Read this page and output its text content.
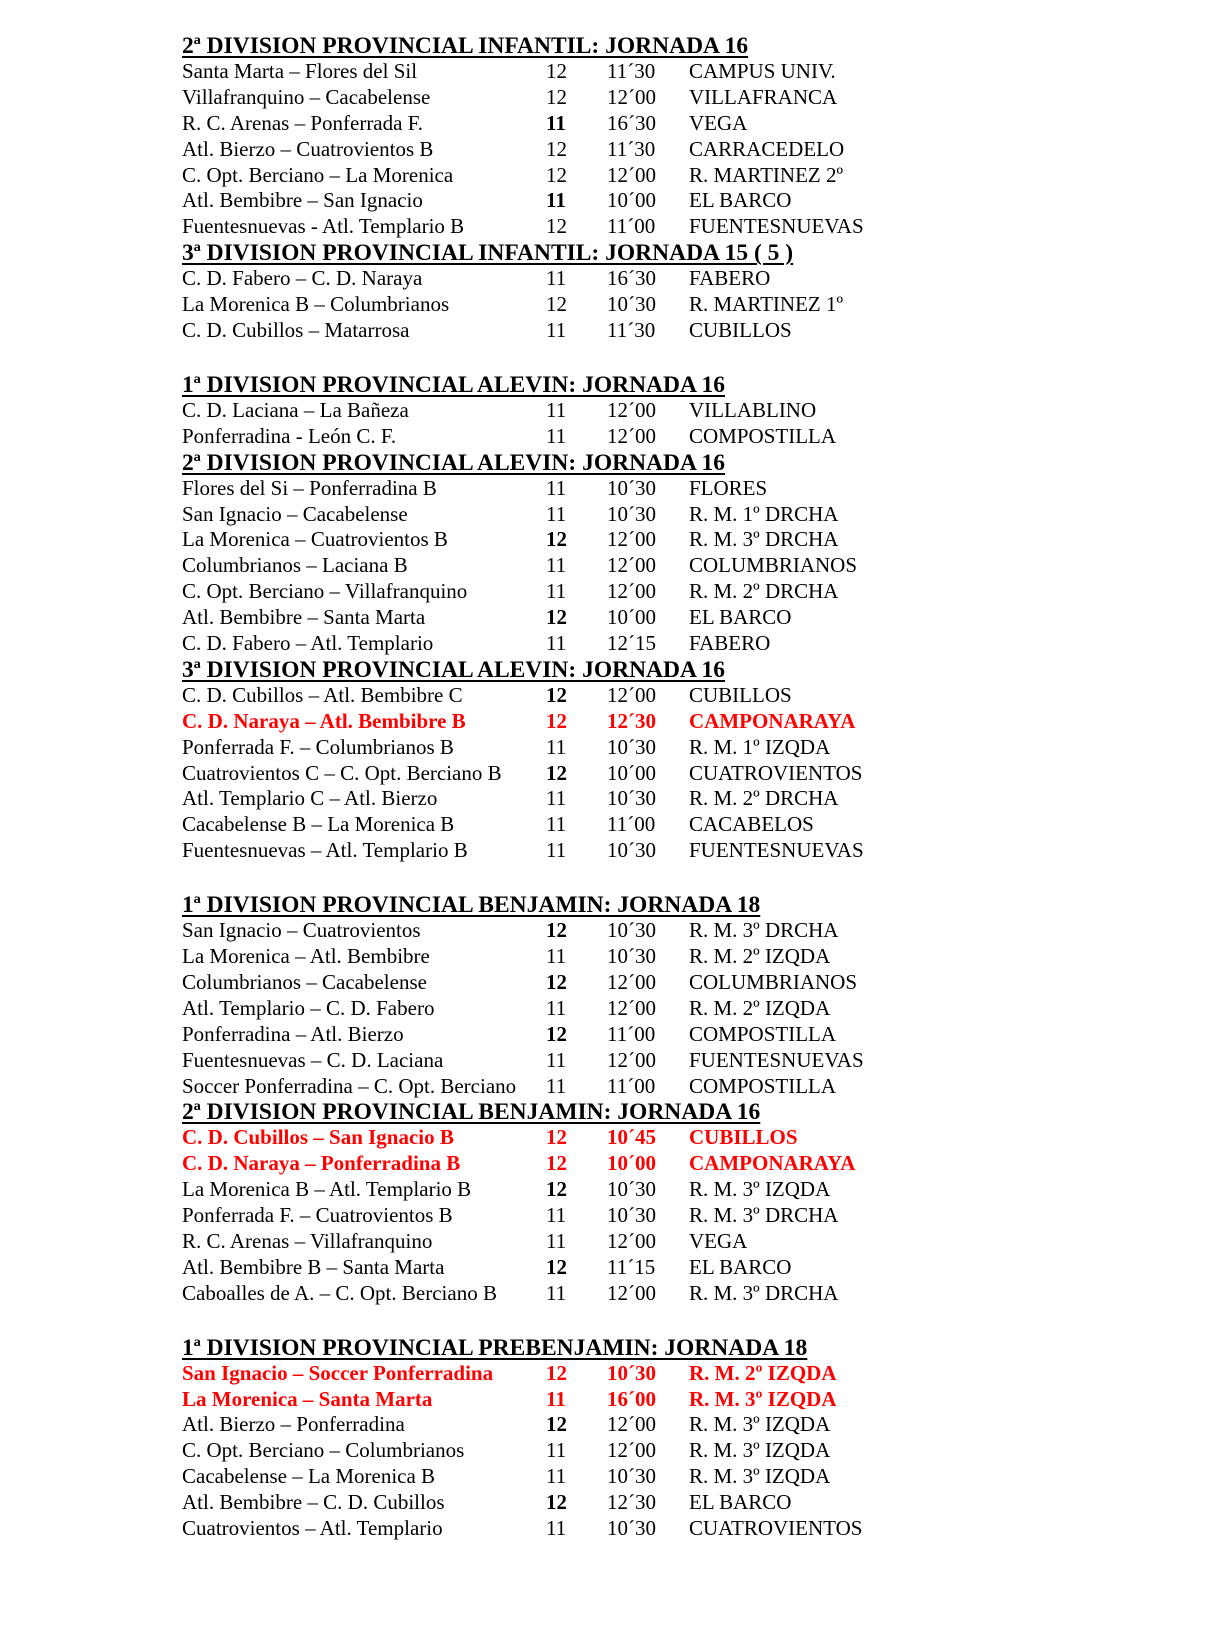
2ª DIVISION PROVINCIAL INFANTIL: JORNADA 16
Santa Marta – Flores del Sil	12 11´30 CAMPUS UNIV.
Villafranquino – Cacabelense	12 12´00 VILLAFRANCA
R. C. Arenas – Ponferrada F.	11 16´30 VEGA
Atl. Bierzo – Cuatrovientos B	12 11´30 CARRACEDELO
C. Opt. Berciano – La Morenica	12 12´00 R. MARTINEZ 2º
Atl. Bembibre – San Ignacio	11 10´00 EL BARCO
Fuentesnuevas - Atl. Templario B	12 11´00 FUENTESNUEVAS
3ª DIVISION PROVINCIAL INFANTIL: JORNADA 15 ( 5 )
C. D. Fabero – C. D. Naraya	11 16´30 FABERO
La Morenica B – Columbrianos	12 10´30 R. MARTINEZ 1º
C. D. Cubillos – Matarrosa	11 11´30 CUBILLOS
1ª DIVISION PROVINCIAL ALEVIN: JORNADA 16
C. D. Laciana – La Bañeza	11 12´00 VILLABLINO
Ponferradina - León C. F.	11 12´00 COMPOSTILLA
2ª DIVISION PROVINCIAL ALEVIN: JORNADA 16
Flores del Si – Ponferradina B	11 10´30 FLORES
San Ignacio – Cacabelense	11 10´30 R. M. 1º DRCHA
La Morenica – Cuatrovientos B	12 12´00 R. M. 3º DRCHA
Columbrianos – Laciana B	11 12´00 COLUMBRIANOS
C. Opt. Berciano – Villafranquino	11 12´00 R. M. 2º DRCHA
Atl. Bembibre – Santa Marta	12 10´00 EL BARCO
C. D. Fabero – Atl. Templario	11 12´15 FABERO
3ª DIVISION PROVINCIAL ALEVIN: JORNADA 16
C. D. Cubillos – Atl. Bembibre C	12 12´00 CUBILLOS
C. D. Naraya – Atl. Bembibre B	12 12´30 CAMPONARAYA
Ponferrada F. – Columbrianos B	11 10´30 R. M. 1º IZQDA
Cuatrovientos C – C. Opt. Berciano B 12 10´00 CUATROVIENTOS
Atl. Templario C – Atl. Bierzo	11 10´30 R. M. 2º DRCHA
Cacabelense B – La Morenica B	11 11´00 CACABELOS
Fuentesnuevas – Atl. Templario B	11 10´30 FUENTESNUEVAS
1ª DIVISION PROVINCIAL BENJAMIN: JORNADA 18
San Ignacio – Cuatrovientos	12 10´30 R. M. 3º DRCHA
La Morenica – Atl. Bembibre	11 10´30 R. M. 2º IZQDA
Columbrianos – Cacabelense	12 12´00 COLUMBRIANOS
Atl. Templario – C. D. Fabero	11 12´00 R. M. 2º IZQDA
Ponferradina – Atl. Bierzo	12 11´00 COMPOSTILLA
Fuentesnuevas – C. D. Laciana	11 12´00 FUENTESNUEVAS
Soccer Ponferradina – C. Opt. Berciano 11 11´00 COMPOSTILLA
2ª DIVISION PROVINCIAL BENJAMIN: JORNADA 16
C. D. Cubillos – San Ignacio B	12 10´45 CUBILLOS
C. D. Naraya – Ponferradina B	12 10´00 CAMPONARAYA
La Morenica B – Atl. Templario B	12 10´30 R. M. 3º IZQDA
Ponferrada F. – Cuatrovientos B	11 10´30 R. M. 3º DRCHA
R. C. Arenas – Villafranquino	11 12´00 VEGA
Atl. Bembibre B – Santa Marta	12 11´15 EL BARCO
Caboalles de A. – C. Opt. Berciano B 11 12´00 R. M. 3º DRCHA
1ª DIVISION PROVINCIAL PREBENJAMIN: JORNADA 18
San Ignacio – Soccer Ponferradina	12 10´30 R. M. 2º IZQDA
La Morenica – Santa Marta	11 16´00 R. M. 3º IZQDA
Atl. Bierzo – Ponferradina	12 12´00 R. M. 3º IZQDA
C. Opt. Berciano – Columbrianos	11 12´00 R. M. 3º IZQDA
Cacabelense – La Morenica B	11 10´30 R. M. 3º IZQDA
Atl. Bembibre – C. D. Cubillos	12 12´30 EL BARCO
Cuatrovientos – Atl. Templario	11 10´30 CUATROVIENTOS
